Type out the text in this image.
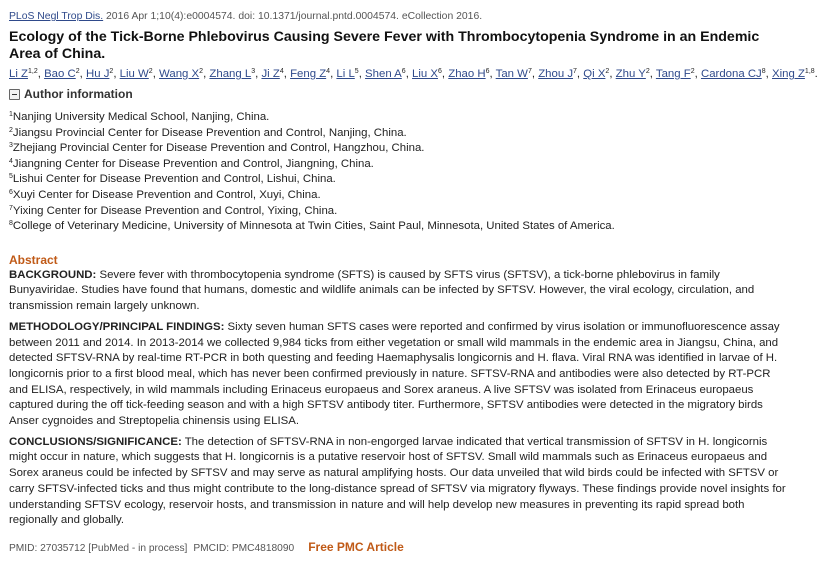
PLoS Negl Trop Dis. 2016 Apr 1;10(4):e0004574. doi: 10.1371/journal.pntd.0004574. eCollection 2016.
Ecology of the Tick-Borne Phlebovirus Causing Severe Fever with Thrombocytopenia Syndrome in an Endemic Area of China.
Li Z$^{1,2}$, Bao $C^2$, Hu $J^2$, Liu $W^2$, Wang $X^2$, Zhang $L^3$, Ji $Z^4$, Feng $Z^4$, Li $L^5$, Shen $A^6$, Liu $X^6$, Zhao $H^6$, Tan $W^7$, Zhou $J^7$, Qi $X^2$, Zhu $Y^2$, Tang $F^2$, Cardona $CJ^8$, Xing Z$^{1,8}$.
Author information
$^1$Nanjing University Medical School, Nanjing, China.
$^2$Jiangsu Provincial Center for Disease Prevention and Control, Nanjing, China.
$^3$Zhejiang Provincial Center for Disease Prevention and Control, Hangzhou, China.
$^4$Jiangning Center for Disease Prevention and Control, Jiangning, China.
$^5$Lishui Center for Disease Prevention and Control, Lishui, China.
$^6$Xuyi Center for Disease Prevention and Control, Xuyi, China.
$^7$Yixing Center for Disease Prevention and Control, Yixing, China.
$^8$College of Veterinary Medicine, University of Minnesota at Twin Cities, Saint Paul, Minnesota, United States of America.
Abstract

BACKGROUND: Severe fever with thrombocytopenia syndrome (SFTS) is caused by SFTS virus (SFTSV), a tick-borne phlebovirus in family Bunyaviridae. Studies have found that humans, domestic and wildlife animals can be infected by SFTSV. However, the viral ecology, circulation, and transmission remain largely unknown.

METHODOLOGY/PRINCIPAL FINDINGS: Sixty seven human SFTS cases were reported and confirmed by virus isolation or immunofluorescence assay between 2011 and 2014. In 2013-2014 we collected 9,984 ticks from either vegetation or small wild mammals in the endemic area in Jiangsu, China, and detected SFTSV-RNA by real-time RT-PCR in both questing and feeding Haemaphysalis longicornis and H. flava. Viral RNA was identified in larvae of H. longicornis prior to a first blood meal, which has never been confirmed previously in nature. SFTSV-RNA and antibodies were also detected by RT-PCR and ELISA, respectively, in wild mammals including Erinaceus europaeus and Sorex araneus. A live SFTSV was isolated from Erinaceus europaeus captured during the off tick-feeding season and with a high SFTSV antibody titer. Furthermore, SFTSV antibodies were detected in the migratory birds Anser cygnoides and Streptopelia chinensis using ELISA.

CONCLUSIONS/SIGNIFICANCE: The detection of SFTSV-RNA in non-engorged larvae indicated that vertical transmission of SFTSV in H. longicornis might occur in nature, which suggests that H. longicornis is a putative reservoir host of SFTSV. Small wild mammals such as Erinaceus europaeus and Sorex araneus could be infected by SFTSV and may serve as natural amplifying hosts. Our data unveiled that wild birds could be infected with SFTSV or carry SFTSV-infected ticks and thus might contribute to the long-distance spread of SFTSV via migratory flyways. These findings provide novel insights for understanding SFTSV ecology, reservoir hosts, and transmission in nature and will help develop new measures in preventing its rapid spread both regionally and globally.

PMID: 27035712 [PubMed - in process] PMCID: PMC4818090 Free PMC Article
